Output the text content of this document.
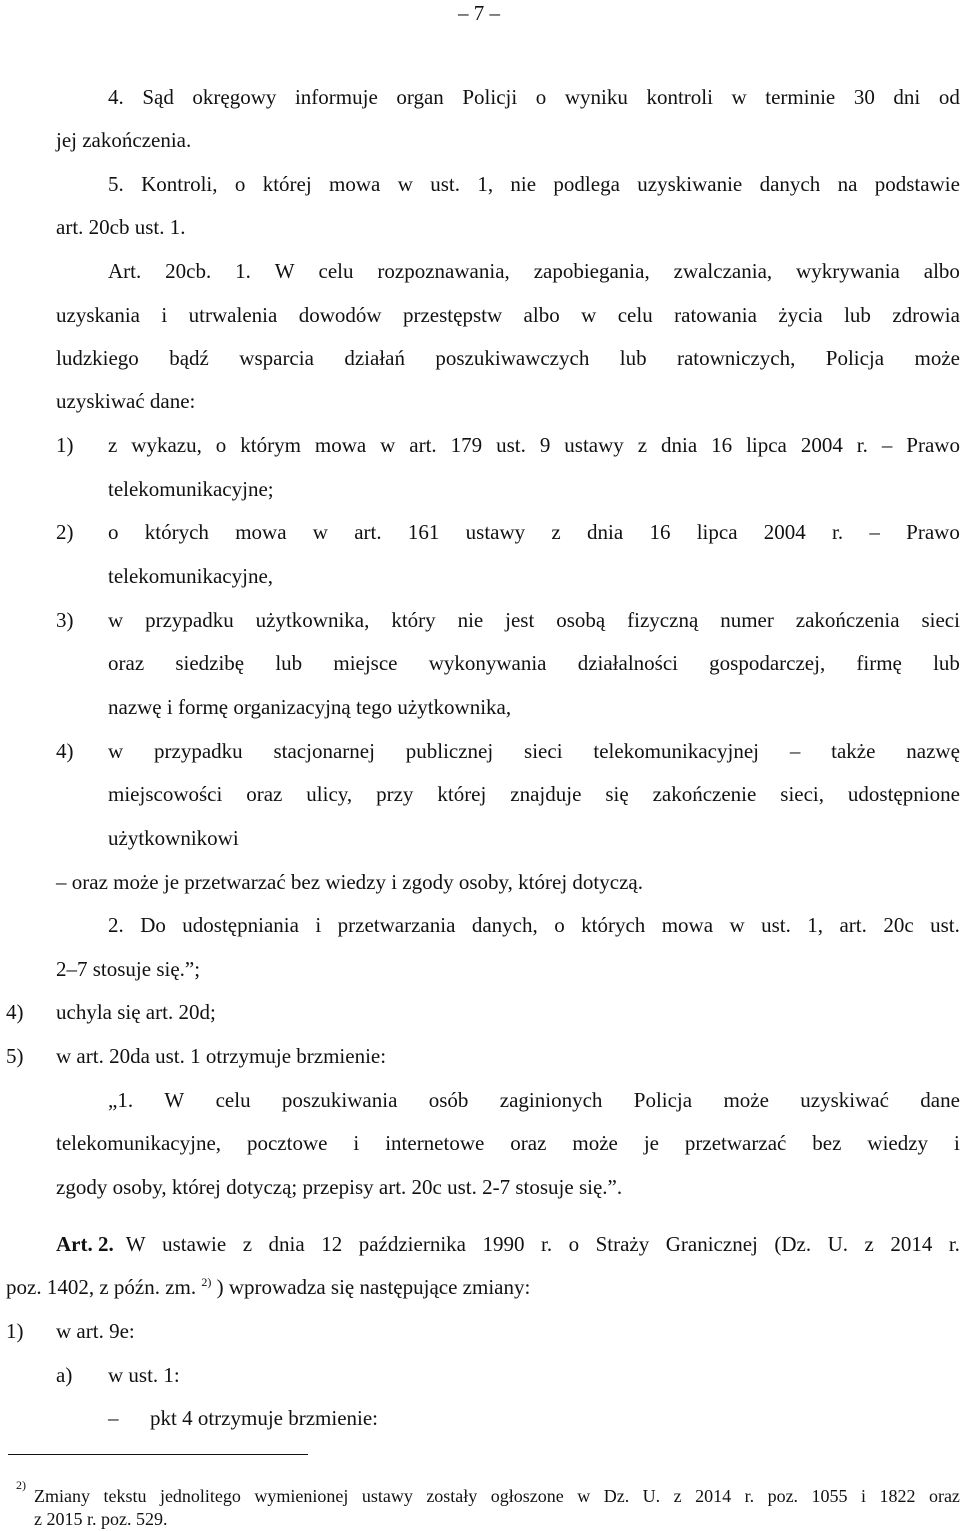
– 7 –
4. Sąd okręgowy informuje organ Policji o wyniku kontroli w terminie 30 dni od
jej zakończenia.
5. Kontroli, o której mowa w ust. 1, nie podlega uzyskiwanie danych na podstawie
art. 20cb ust. 1.
Art. 20cb. 1. W celu rozpoznawania, zapobiegania, zwalczania, wykrywania albo
uzyskania i utrwalenia dowodów przestępstw albo w celu ratowania życia lub zdrowia
ludzkiego bądź wsparcia działań poszukiwawczych lub ratowniczych, Policja może
uzyskiwać dane:
1) z wykazu, o którym mowa w art. 179 ust. 9 ustawy z dnia 16 lipca 2004 r. – Prawo
telekomunikacyjne;
2) o których mowa w art. 161 ustawy z dnia 16 lipca 2004 r. – Prawo
telekomunikacyjne,
3) w przypadku użytkownika, który nie jest osobą fizyczną numer zakończenia sieci
oraz siedzibę lub miejsce wykonywania działalności gospodarczej, firmę lub
nazwę i formę organizacyjną tego użytkownika,
4) w przypadku stacjonarnej publicznej sieci telekomunikacyjnej – także nazwę
miejscowości oraz ulicy, przy której znajduje się zakończenie sieci, udostępnione
użytkownikowi
– oraz może je przetwarzać bez wiedzy i zgody osoby, której dotyczą.
2. Do udostępniania i przetwarzania danych, o których mowa w ust. 1, art. 20c ust.
2–7 stosuje się.”;
4) uchyla się art. 20d;
5) w art. 20da ust. 1 otrzymuje brzmienie:
„1. W celu poszukiwania osób zaginionych Policja może uzyskiwać dane
telekomunikacyjne, pocztowe i internetowe oraz może je przetwarzać bez wiedzy i
zgody osoby, której dotyczą; przepisy art. 20c ust. 2-7 stosuje się.”.
Art. 2. W ustawie z dnia 12 października 1990 r. o Straży Granicznej (Dz. U. z 2014 r.
poz. 1402, z późn. zm. $^{2)}$ ) wprowadza się następujące zmiany:
1) w art. 9e:
a) w ust. 1:
– pkt 4 otrzymuje brzmienie:
2)
Zmiany tekstu jednolitego wymienionej ustawy zostały ogłoszone w Dz. U. z 2014 r. poz. 1055 i 1822 oraz
z 2015 r. poz. 529.
